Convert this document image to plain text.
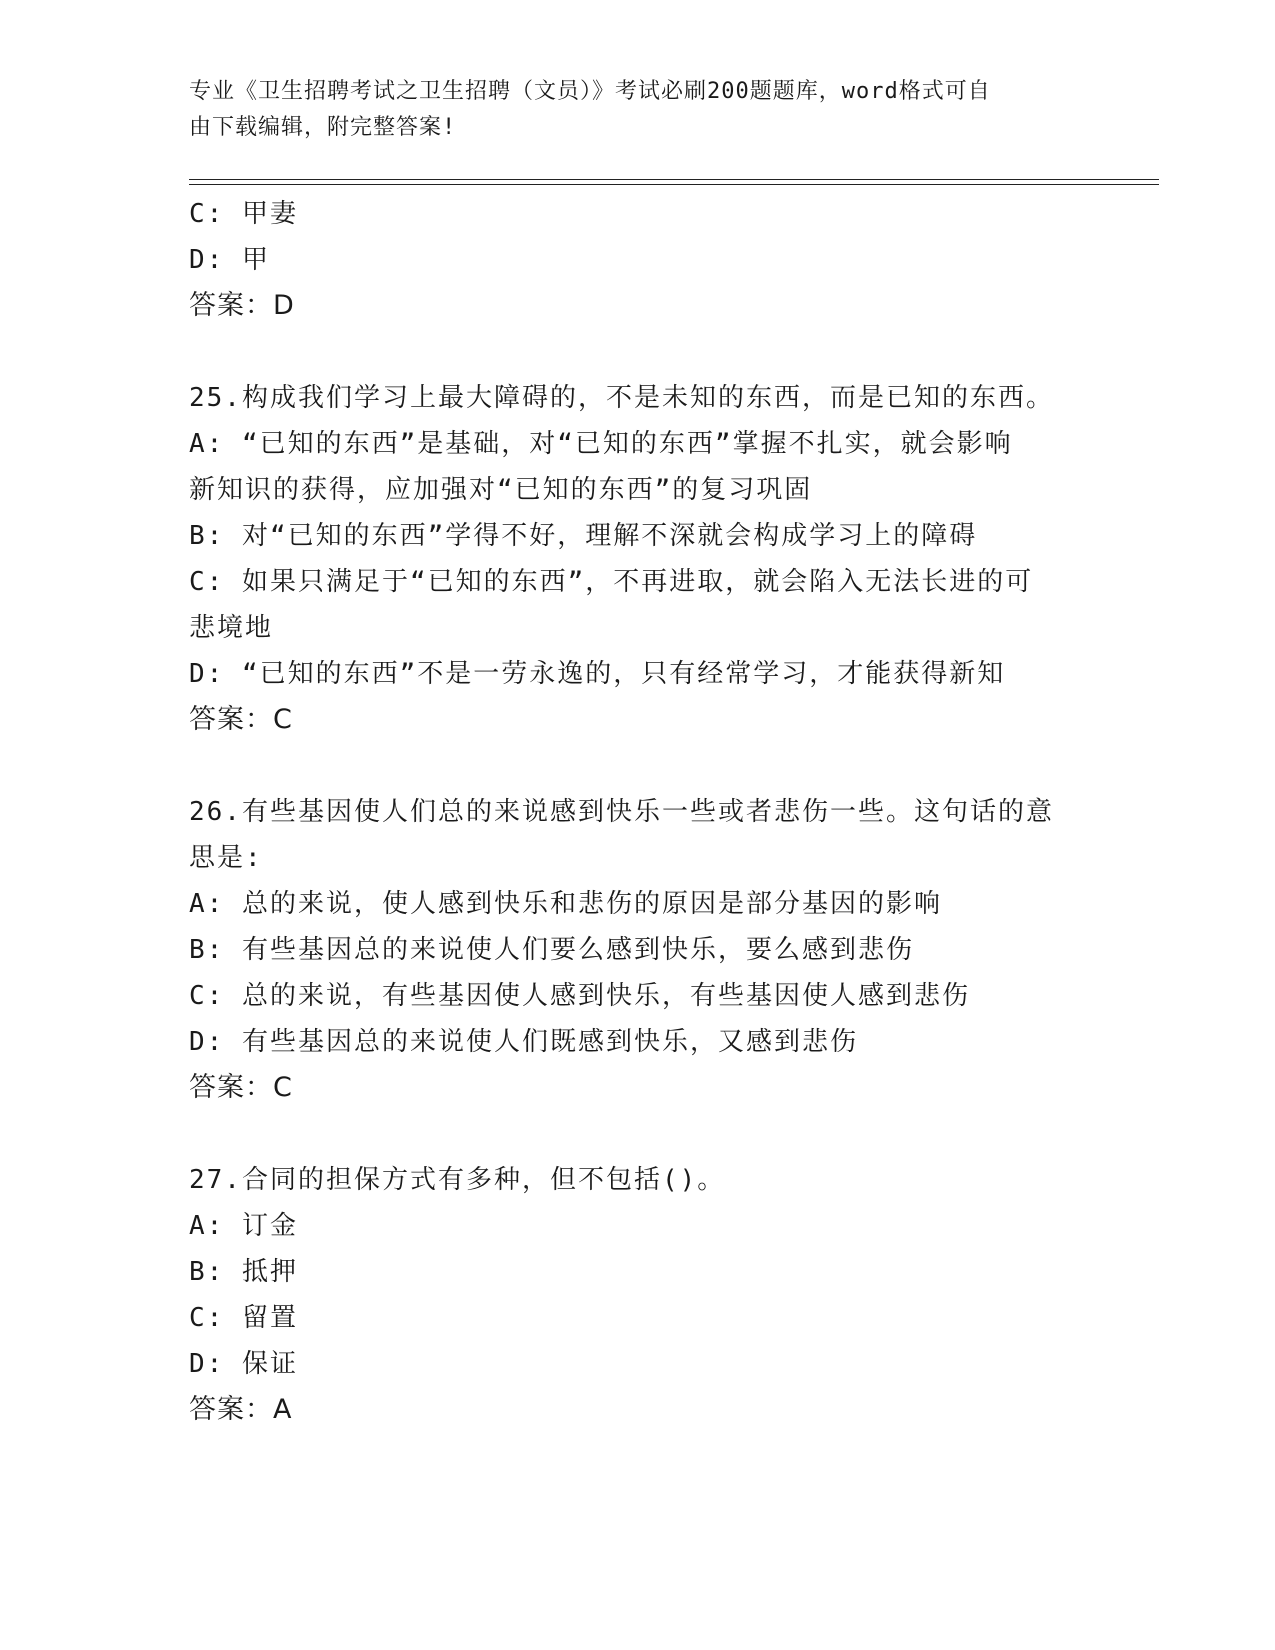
专业《卫生招聘考试之卫生招聘（文员）》考试必刷200题题库，word格式可自

由下载编辑，附完整答案!

C: 甲妻

D: 甲

答案：D

25.构成我们学习上最大障碍的，不是未知的东西，而是已知的东西。

A: “已知的东西”是基础，对“已知的东西”掌握不扎实，就会影响

新知识的获得，应加强对“已知的东西”的复习巩固

B: 对“已知的东西”学得不好，理解不深就会构成学习上的障碍

C: 如果只满足于“已知的东西”，不再进取，就会陷入无法长进的可

悲境地

D: “已知的东西”不是一劳永逸的，只有经常学习，才能获得新知

答案：C

26.有些基因使人们总的来说感到快乐一些或者悲伤一些。这句话的意

思是:

A: 总的来说，使人感到快乐和悲伤的原因是部分基因的影响

B: 有些基因总的来说使人们要么感到快乐，要么感到悲伤

C: 总的来说，有些基因使人感到快乐，有些基因使人感到悲伤

D: 有些基因总的来说使人们既感到快乐，又感到悲伤

答案：C

27.合同的担保方式有多种，但不包括()。

A: 订金

B: 抵押

C: 留置

D: 保证

答案：A
